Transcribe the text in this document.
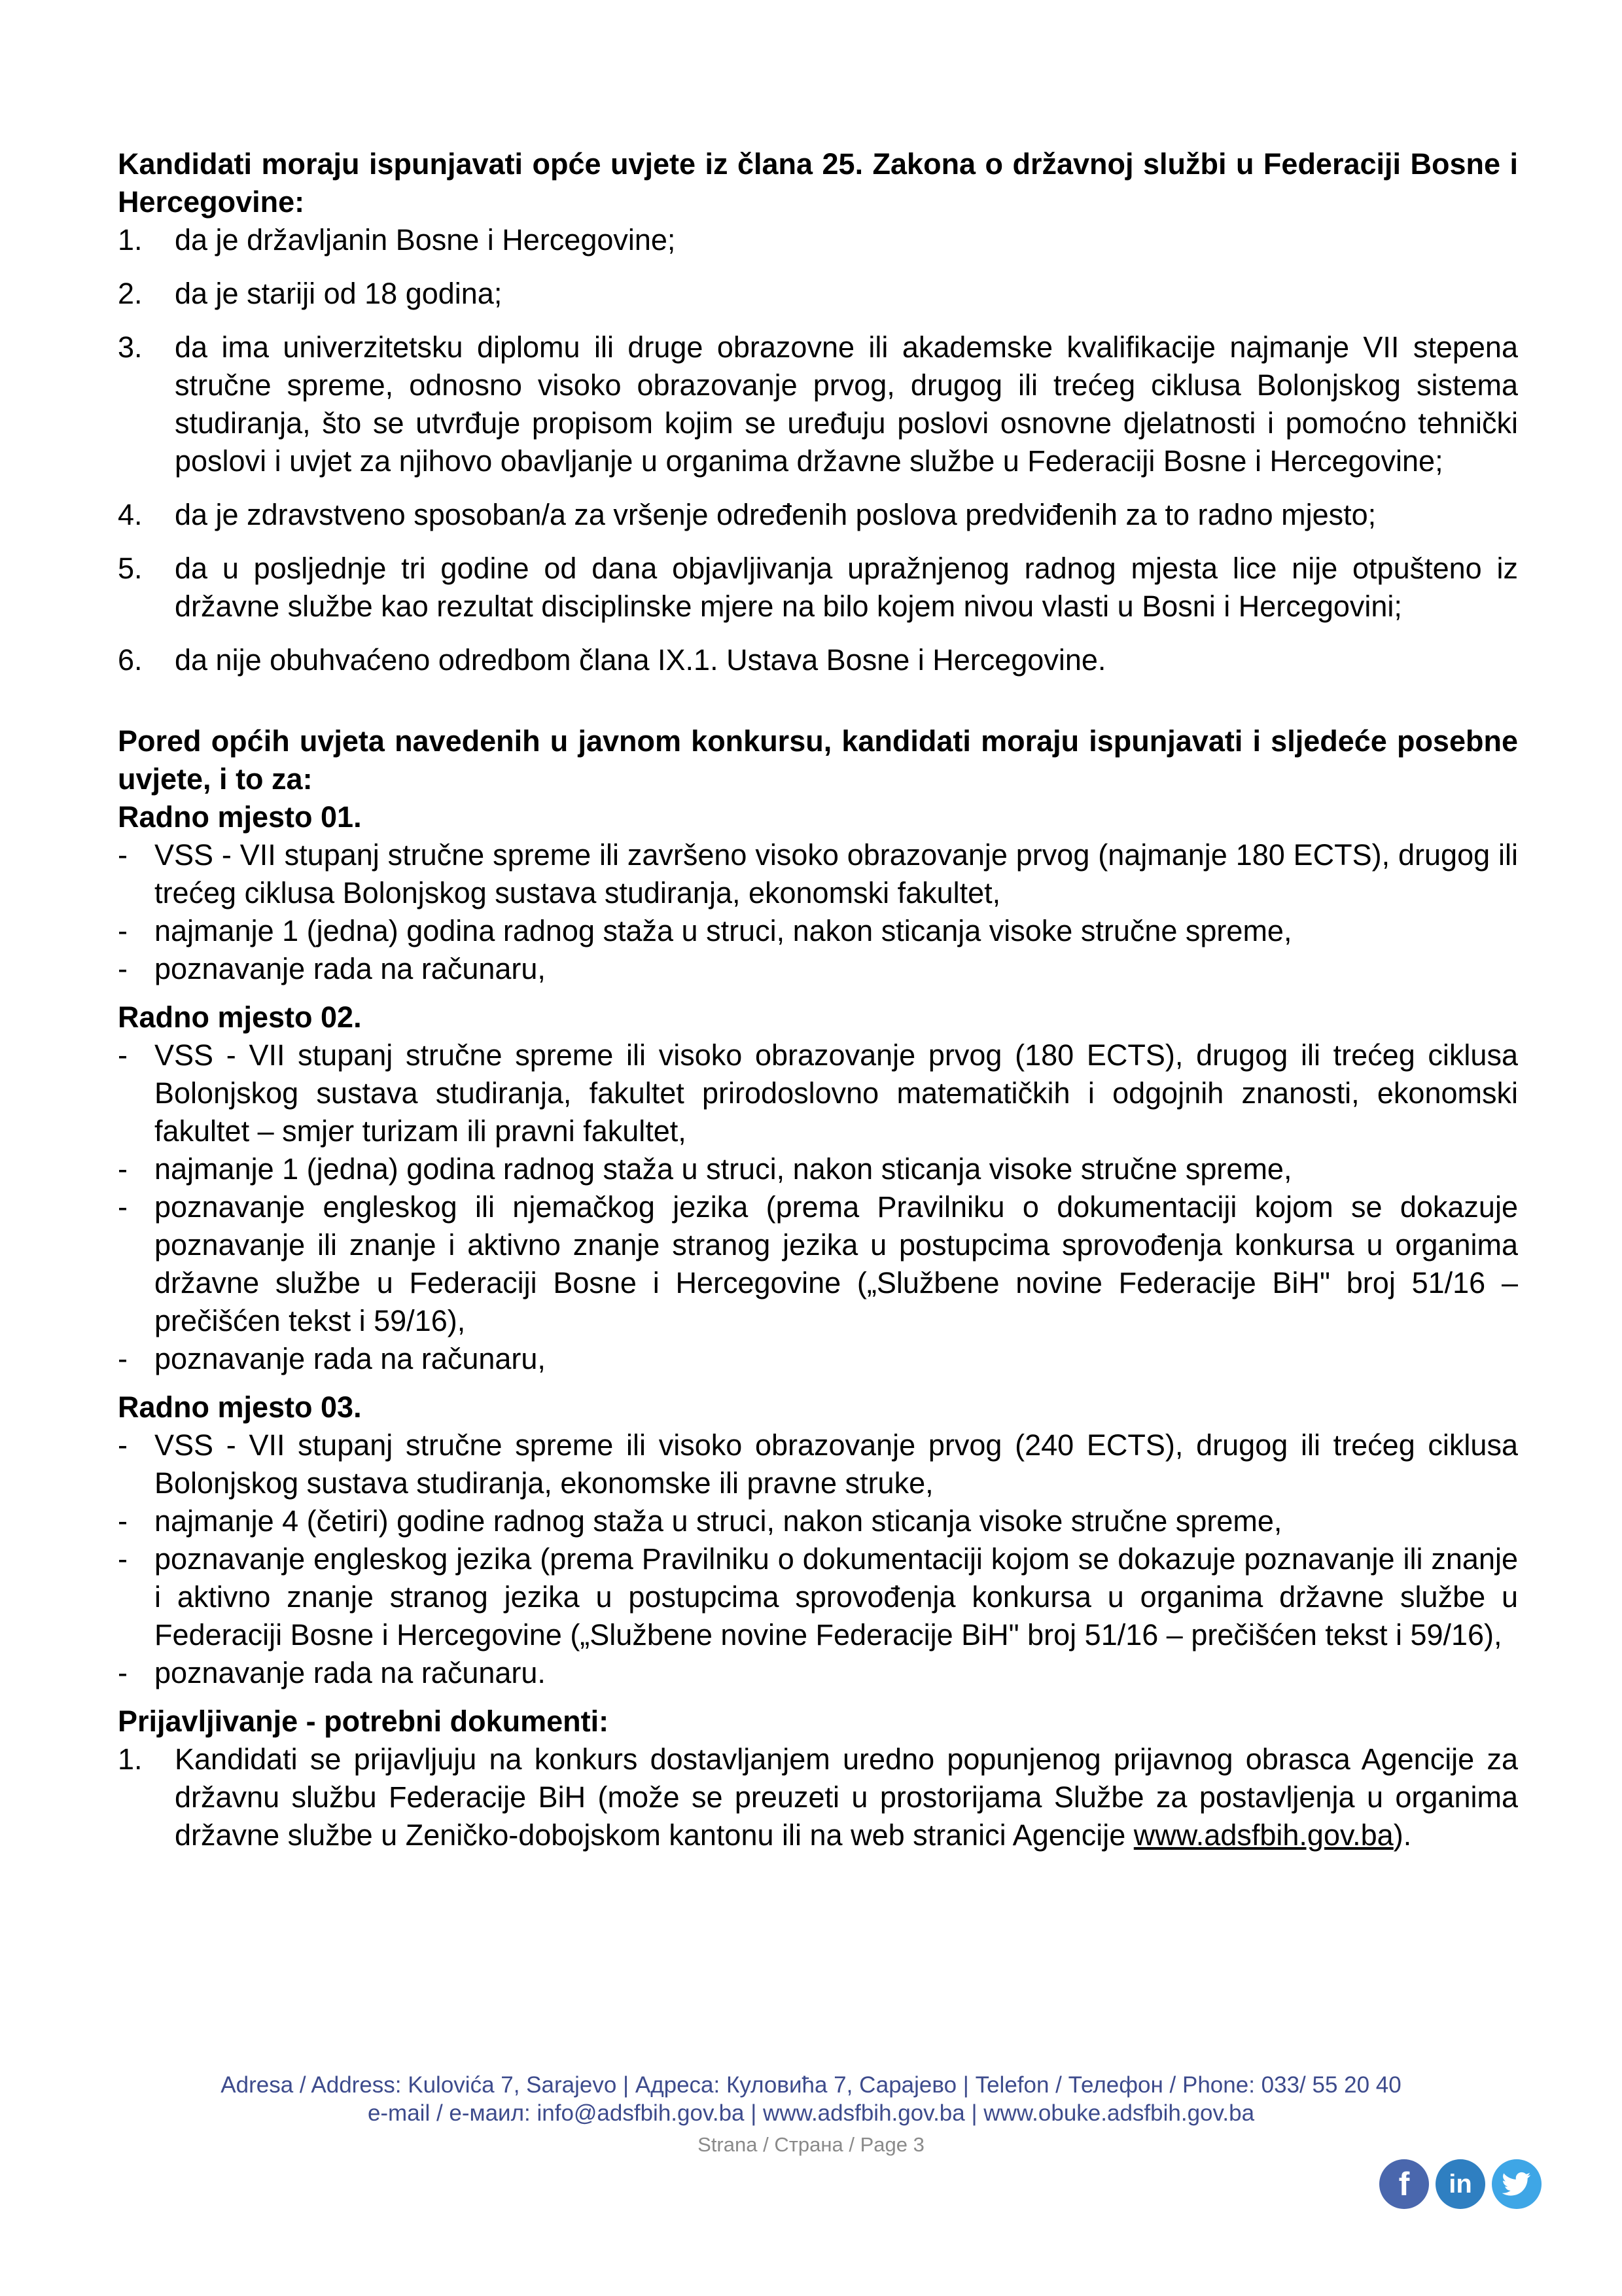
Kandidati moraju ispunjavati opće uvjete iz člana 25. Zakona o državnoj službi u Federaciji Bosne i Hercegovine:
1. da je državljanin Bosne i Hercegovine;
2. da je stariji od 18 godina;
3. da ima univerzitetsku diplomu ili druge obrazovne ili akademske kvalifikacije najmanje VII stepena stručne spreme, odnosno visoko obrazovanje prvog, drugog ili trećeg ciklusa Bolonjskog sistema studiranja, što se utvrđuje propisom kojim se uređuju poslovi osnovne djelatnosti i pomoćno tehnički poslovi i uvjet za njihovo obavljanje u organima državne službe u Federaciji Bosne i Hercegovine;
4. da je zdravstveno sposoban/a za vršenje određenih poslova predviđenih za to radno mjesto;
5. da u posljednje tri godine od dana objavljivanja upražnjenog radnog mjesta lice nije otpušteno iz državne službe kao rezultat disciplinske mjere na bilo kojem nivou vlasti u Bosni i Hercegovini;
6. da nije obuhvaćeno odredbom člana IX.1. Ustava Bosne i Hercegovine.
Pored općih uvjeta navedenih u javnom konkursu, kandidati moraju ispunjavati i sljedeće posebne uvjete, i to za:
Radno mjesto 01.
- VSS - VII stupanj stručne spreme ili završeno visoko obrazovanje prvog (najmanje 180 ECTS), drugog ili trećeg ciklusa Bolonjskog sustava studiranja, ekonomski fakultet,
- najmanje 1 (jedna) godina radnog staža u struci, nakon sticanja visoke stručne spreme,
- poznavanje rada na računaru,
Radno mjesto 02.
- VSS - VII stupanj stručne spreme ili visoko obrazovanje prvog (180 ECTS), drugog ili trećeg ciklusa Bolonjskog sustava studiranja, fakultet prirodoslovno matematičkih i odgojnih znanosti, ekonomski fakultet – smjer turizam ili pravni fakultet,
- najmanje 1 (jedna) godina radnog staža u struci, nakon sticanja visoke stručne spreme,
- poznavanje engleskog ili njemačkog jezika (prema Pravilniku o dokumentaciji kojom se dokazuje poznavanje ili znanje i aktivno znanje stranog jezika u postupcima sprovođenja konkursa u organima državne službe u Federaciji Bosne i Hercegovine („Službene novine Federacije BiH" broj 51/16 – prečišćen tekst i 59/16),
- poznavanje rada na računaru,
Radno mjesto 03.
- VSS - VII stupanj stručne spreme ili visoko obrazovanje prvog (240 ECTS), drugog ili trećeg ciklusa Bolonjskog sustava studiranja, ekonomske ili pravne struke,
- najmanje 4 (četiri) godine radnog staža u struci, nakon sticanja visoke stručne spreme,
- poznavanje engleskog jezika (prema Pravilniku o dokumentaciji kojom se dokazuje poznavanje ili znanje i aktivno znanje stranog jezika u postupcima sprovođenja konkursa u organima državne službe u Federaciji Bosne i Hercegovine („Službene novine Federacije BiH" broj 51/16 – prečišćen tekst i 59/16),
- poznavanje rada na računaru.
Prijavljivanje - potrebni dokumenti:
1. Kandidati se prijavljuju na konkurs dostavljanjem uredno popunjenog prijavnog obrasca Agencije za državnu službu Federacije BiH (može se preuzeti u prostorijama Službe za postavljenja u organima državne službe u Zeničko-dobojskom kantonu ili na web stranici Agencije www.adsfbih.gov.ba).
Adresa / Address: Kulovića 7, Sarajevo | Адреса: Куловића 7, Сарајево | Telefon / Телефон / Phone: 033/ 55 20 40
e-mail / е-маил: info@adsfbih.gov.ba | www.adsfbih.gov.ba | www.obuke.adsfbih.gov.ba
Strana / Страна / Page 3
f in
